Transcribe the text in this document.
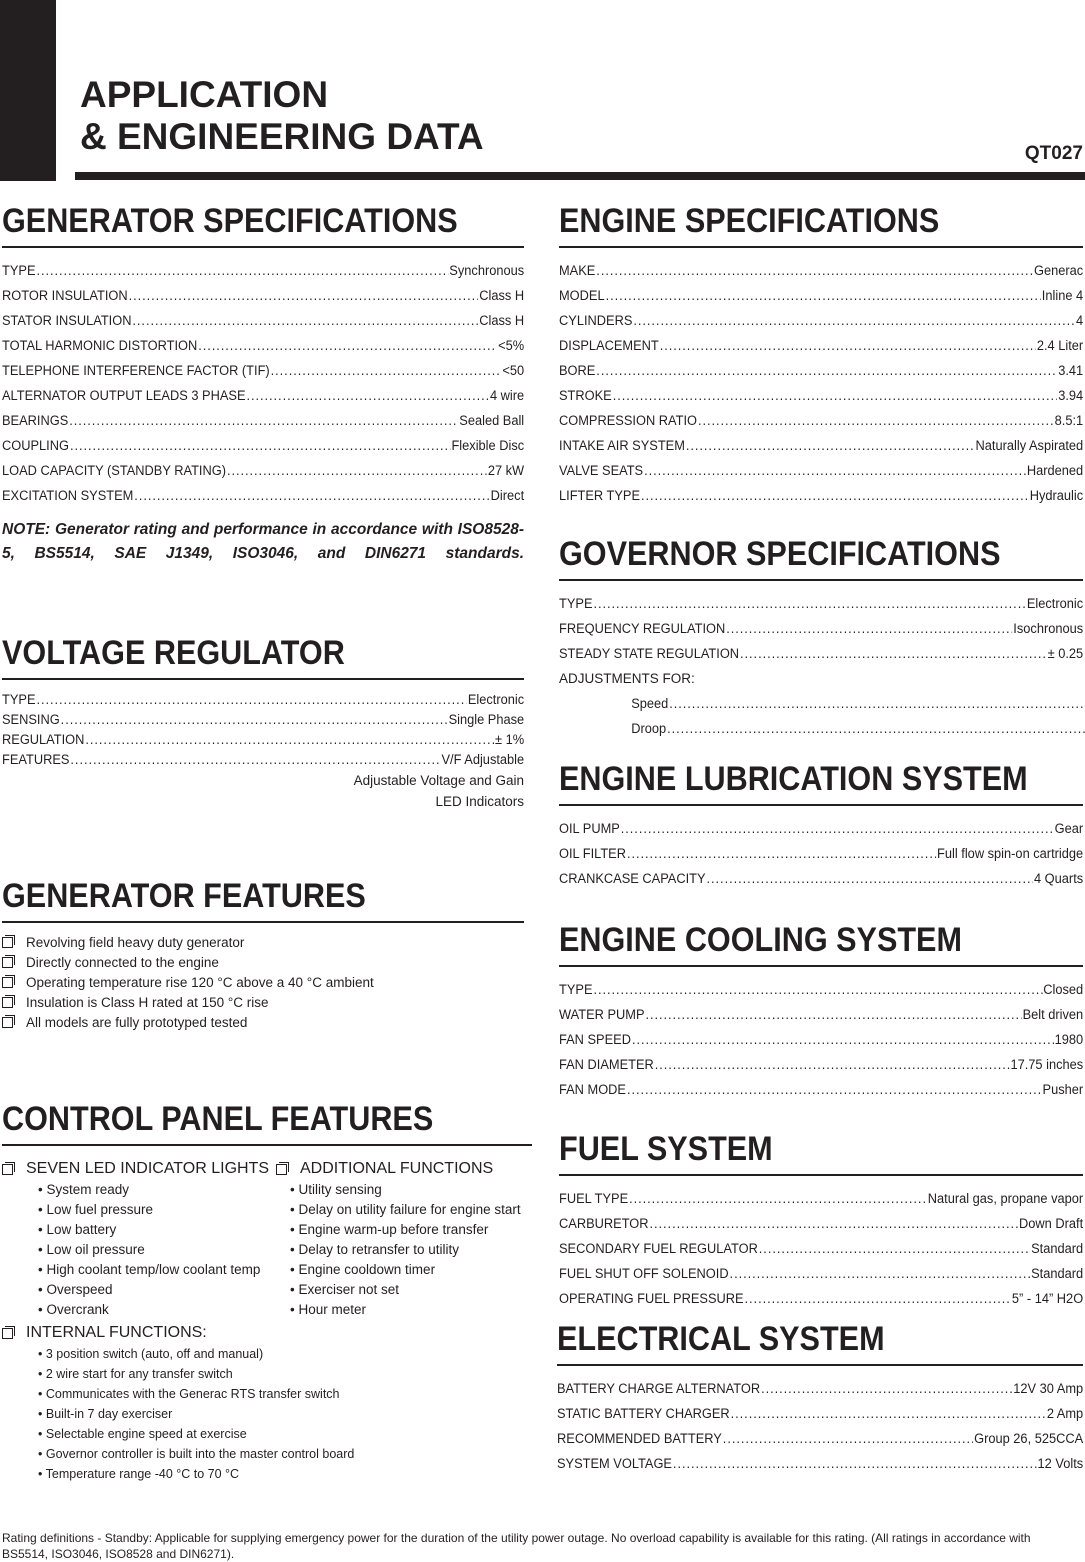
APPLICATION
& ENGINEERING DATA	QT027
GENERATOR SPECIFICATIONS
TYPE .....	Synchronous
ROTOR INSULATION .....	Class H
STATOR INSULATION .....	Class H
TOTAL HARMONIC DISTORTION .....	<5%
TELEPHONE INTERFERENCE FACTOR (TIF) .....	<50
ALTERNATOR OUTPUT LEADS 3 PHASE .....	4 wire
BEARINGS .....	Sealed Ball
COUPLING .....	Flexible Disc
LOAD CAPACITY (STANDBY RATING) .....	27 kW
EXCITATION SYSTEM .....	Direct
NOTE: Generator rating and performance in accordance with ISO8528-5, BS5514, SAE J1349, ISO3046, and DIN6271 standards.
VOLTAGE REGULATOR
TYPE .....	Electronic
SENSING .....	Single Phase
REGULATION .....	± 1%
FEATURES .....	V/F Adjustable
Adjustable Voltage and Gain
LED Indicators
GENERATOR FEATURES
Revolving field heavy duty generator
Directly connected to the engine
Operating temperature rise 120 °C above a 40 °C ambient
Insulation is Class H rated at 150 °C rise
All models are fully prototyped tested
CONTROL PANEL FEATURES
SEVEN LED INDICATOR LIGHTS
• System ready
• Low fuel pressure
• Low battery
• Low oil pressure
• High coolant temp/low coolant temp
• Overspeed
• Overcrank
INTERNAL FUNCTIONS:
• 3 position switch (auto, off and manual)
• 2 wire start for any transfer switch
• Communicates with the Generac RTS transfer switch
• Built-in 7 day exerciser
• Selectable engine speed at exercise
• Governor controller is built into the master control board
• Temperature range -40 °C to 70 °C
ADDITIONAL FUNCTIONS
• Utility sensing
• Delay on utility failure for engine start
• Engine warm-up before transfer
• Delay to retransfer to utility
• Engine cooldown timer
• Exerciser not set
• Hour meter
ENGINE SPECIFICATIONS
MAKE .....	Generac
MODEL .....	Inline 4
CYLINDERS .....	4
DISPLACEMENT .....	2.4 Liter
BORE .....	3.41
STROKE .....	3.94
COMPRESSION RATIO .....	8.5:1
INTAKE AIR SYSTEM .....	Naturally Aspirated
VALVE SEATS .....	Hardened
LIFTER TYPE .....	Hydraulic
GOVERNOR SPECIFICATIONS
TYPE .....	Electronic
FREQUENCY REGULATION .....	Isochronous
STEADY STATE REGULATION .....	± 0.25
ADJUSTMENTS FOR:
Speed
.....
Droop
.....
ENGINE LUBRICATION SYSTEM
OIL PUMP .....	Gear
OIL FILTER .....	Full flow spin-on cartridge
CRANKCASE CAPACITY .....	4 Quarts
ENGINE COOLING SYSTEM
TYPE .....	Closed
WATER PUMP .....	Belt driven
FAN SPEED .....	1980
FAN DIAMETER .....	17.75 inches
FAN MODE .....	Pusher
FUEL SYSTEM
FUEL TYPE .....	Natural gas, propane vapor
CARBURETOR .....	Down Draft
SECONDARY FUEL REGULATOR .....	Standard
FUEL SHUT OFF SOLENOID .....	Standard
OPERATING FUEL PRESSURE .....	5” - 14” H2O
ELECTRICAL SYSTEM
BATTERY CHARGE ALTERNATOR .....	12V 30 Amp
STATIC BATTERY CHARGER .....	2 Amp
RECOMMENDED BATTERY .....	Group 26, 525CCA
SYSTEM VOLTAGE .....	12 Volts
Rating definitions - Standby: Applicable for supplying emergency power for the duration of the utility power outage. No overload capability is available for this rating. (All ratings in accordance with BS5514, ISO3046, ISO8528 and DIN6271).
